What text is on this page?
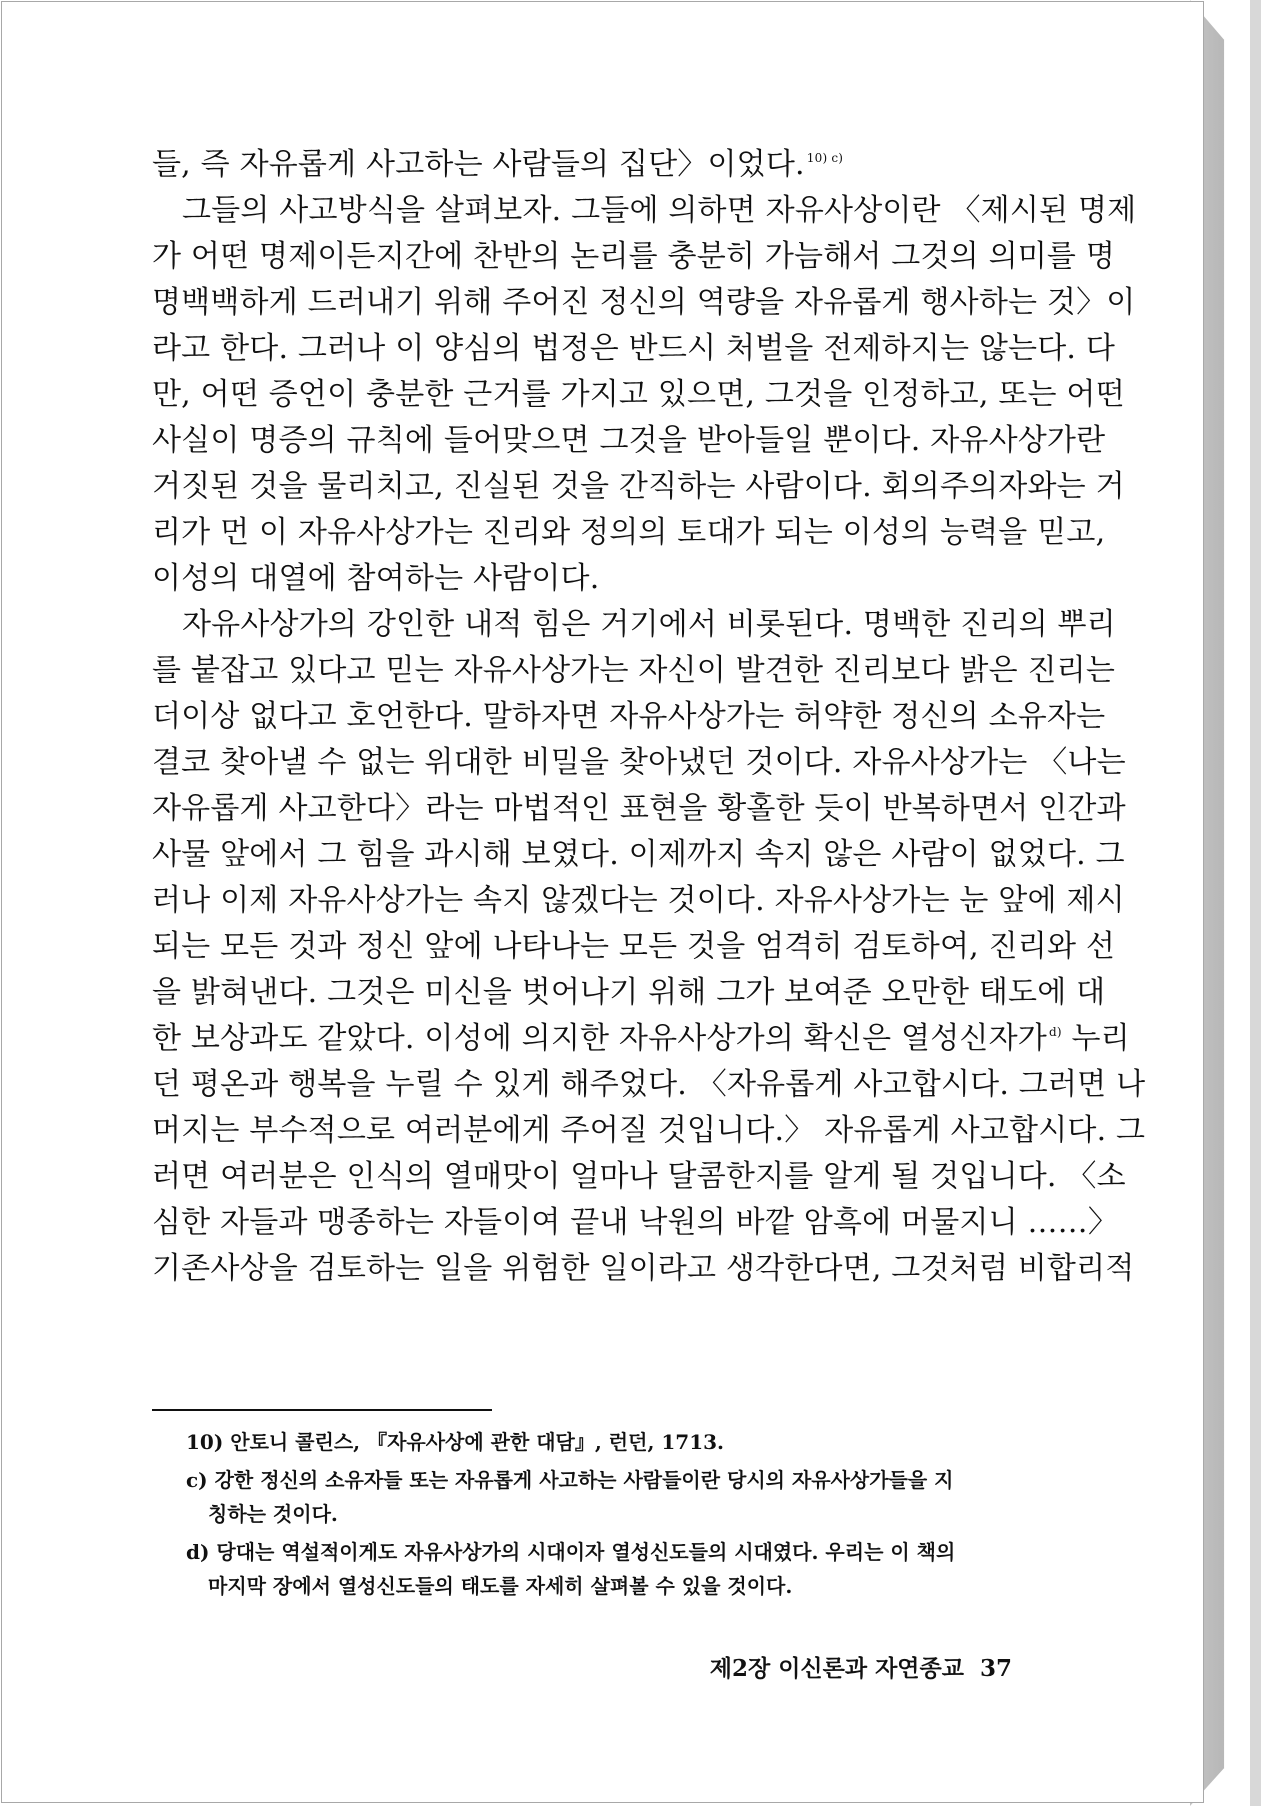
들, 즉 자유롭게 사고하는 사람들의 집단〉이었다. $^{10) c)}$
그들의 사고방식을 살펴보자. 그들에 의하면 자유사상이란 〈제시된 명제
가 어떤 명제이든지간에 찬반의 논리를 충분히 가늠해서 그것의 의미를 명
명백백하게 드러내기 위해 주어진 정신의 역량을 자유롭게 행사하는 것〉이
라고 한다. 그러나 이 양심의 법정은 반드시 처벌을 전제하지는 않는다. 다
만, 어떤 증언이 충분한 근거를 가지고 있으면, 그것을 인정하고, 또는 어떤
사실이 명증의 규칙에 들어맞으면 그것을 받아들일 뿐이다. 자유사상가란
거짓된 것을 물리치고, 진실된 것을 간직하는 사람이다. 회의주의자와는 거
리가 먼 이 자유사상가는 진리와 정의의 토대가 되는 이성의 능력을 믿고,
이성의 대열에 참여하는 사람이다.
자유사상가의 강인한 내적 힘은 거기에서 비롯된다. 명백한 진리의 뿌리
를 붙잡고 있다고 믿는 자유사상가는 자신이 발견한 진리보다 밝은 진리는
더이상 없다고 호언한다. 말하자면 자유사상가는 허약한 정신의 소유자는
결코 찾아낼 수 없는 위대한 비밀을 찾아냈던 것이다. 자유사상가는 〈나는
자유롭게 사고한다〉라는 마법적인 표현을 황홀한 듯이 반복하면서 인간과
사물 앞에서 그 힘을 과시해 보였다. 이제까지 속지 않은 사람이 없었다. 그
러나 이제 자유사상가는 속지 않겠다는 것이다. 자유사상가는 눈 앞에 제시
되는 모든 것과 정신 앞에 나타나는 모든 것을 엄격히 검토하여, 진리와 선
을 밝혀낸다. 그것은 미신을 벗어나기 위해 그가 보여준 오만한 태도에 대
한 보상과도 같았다. 이성에 의지한 자유사상가의 확신은 열성신자가 $^{d)}$ 누리
던 평온과 행복을 누릴 수 있게 해주었다. 〈자유롭게 사고합시다. 그러면 나
머지는 부수적으로 여러분에게 주어질 것입니다.〉 자유롭게 사고합시다. 그
러면 여러분은 인식의 열매맛이 얼마나 달콤한지를 알게 될 것입니다. 〈소
심한 자들과 맹종하는 자들이여 끝내 낙원의 바깥 암흑에 머물지니 ……〉
기존사상을 검토하는 일을 위험한 일이라고 생각한다면, 그것처럼 비합리적
10) 안토니 콜린스, 『자유사상에 관한 대담』, 런던, 1713.
c) 강한 정신의 소유자들 또는 자유롭게 사고하는 사람들이란 당시의 자유사상가들을 지
칭하는 것이다.
d) 당대는 역설적이게도 자유사상가의 시대이자 열성신도들의 시대였다. 우리는 이 책의
마지막 장에서 열성신도들의 태도를 자세히 살펴볼 수 있을 것이다.
제2장 이신론과 자연종교 37
